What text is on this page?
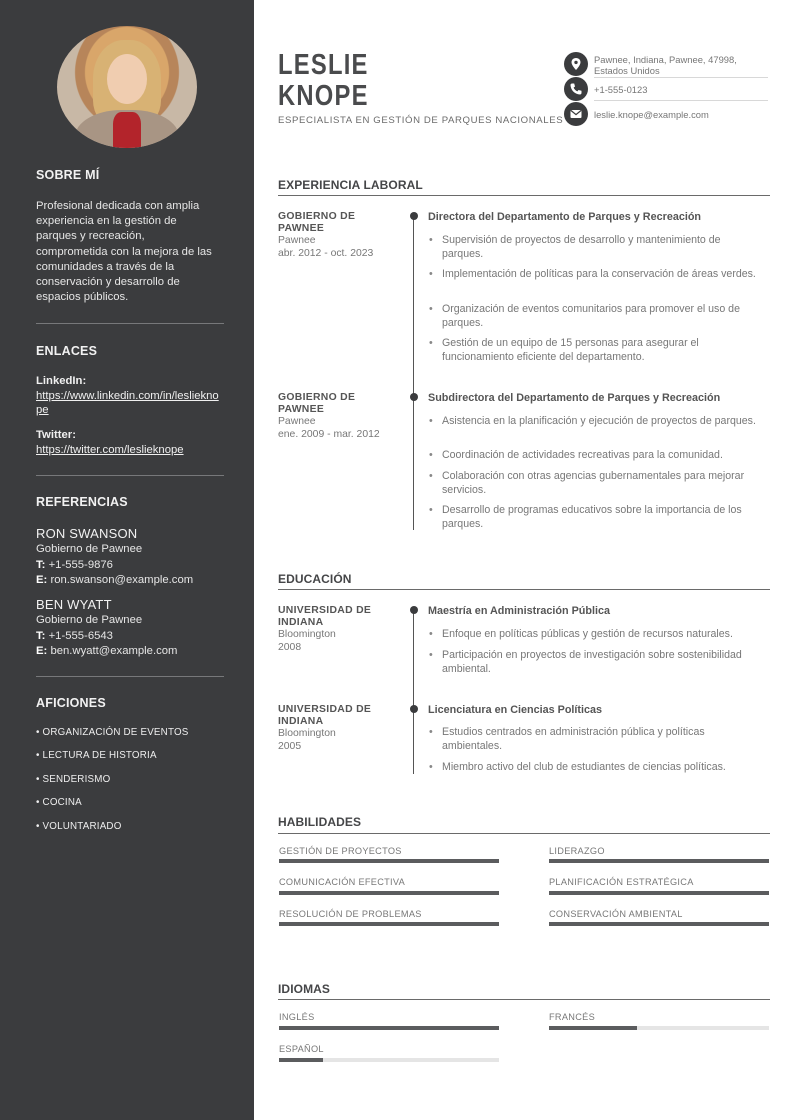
SOBRE MÍ
Profesional dedicada con amplia experiencia en la gestión de parques y recreación, comprometida con la mejora de las comunidades a través de la conservación y desarrollo de espacios públicos.
ENLACES
LinkedIn:
https://www.linkedin.com/in/leslieknope
Twitter:
https://twitter.com/leslieknope
REFERENCIAS
RON SWANSON
Gobierno de Pawnee
T: +1-555-9876
E: ron.swanson@example.com
BEN WYATT
Gobierno de Pawnee
T: +1-555-6543
E: ben.wyatt@example.com
AFICIONES
• ORGANIZACIÓN DE EVENTOS
• LECTURA DE HISTORIA
• SENDERISMO
• COCINA
• VOLUNTARIADO
LESLIE
KNOPE
ESPECIALISTA EN GESTIÓN DE PARQUES NACIONALES
Pawnee, Indiana, Pawnee, 47998,
Estados Unidos
+1-555-0123
leslie.knope@example.com
EXPERIENCIA LABORAL
GOBIERNO DE
PAWNEE
Pawnee
abr. 2012 - oct. 2023
Directora del Departamento de Parques y Recreación
• Supervisión de proyectos de desarrollo y mantenimiento de parques.
• Implementación de políticas para la conservación de áreas verdes.
• Organización de eventos comunitarios para promover el uso de parques.
• Gestión de un equipo de 15 personas para asegurar el funcionamiento eficiente del departamento.
GOBIERNO DE
PAWNEE
Pawnee
ene. 2009 - mar. 2012
Subdirectora del Departamento de Parques y Recreación
• Asistencia en la planificación y ejecución de proyectos de parques.
• Coordinación de actividades recreativas para la comunidad.
• Colaboración con otras agencias gubernamentales para mejorar servicios.
• Desarrollo de programas educativos sobre la importancia de los parques.
EDUCACIÓN
UNIVERSIDAD DE
INDIANA
Bloomington
2008
Maestría en Administración Pública
• Enfoque en políticas públicas y gestión de recursos naturales.
• Participación en proyectos de investigación sobre sostenibilidad ambiental.
UNIVERSIDAD DE
INDIANA
Bloomington
2005
Licenciatura en Ciencias Políticas
• Estudios centrados en administración pública y políticas ambientales.
• Miembro activo del club de estudiantes de ciencias políticas.
HABILIDADES
GESTIÓN DE PROYECTOS	LIDERAZGO
COMUNICACIÓN EFECTIVA	PLANIFICACIÓN ESTRATÉGICA
RESOLUCIÓN DE PROBLEMAS	CONSERVACIÓN AMBIENTAL
IDIOMAS
INGLÉS	FRANCÉS
ESPAÑOL
